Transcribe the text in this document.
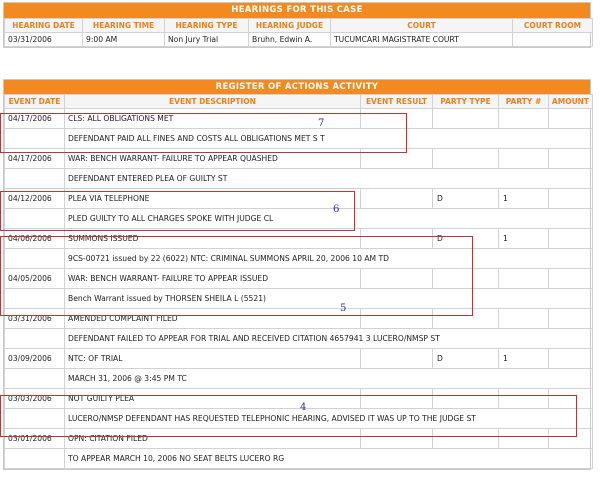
HEARINGS FOR THIS CASE
HEARING DATE	HEARING TIME	HEARING TYPE	HEARING JUDGE	COURT	COURT ROOM
03/31/2006	9:00 AM	Non Jury Trial	Bruhn, Edwin A.	TUCUMCARI MAGISTRATE COURT	
REGISTER OF ACTIONS ACTIVITY
EVENT DATE	EVENT DESCRIPTION	EVENT RESULT	PARTY TYPE	PARTY #	AMOUNT
04/17/2006	CLS: ALL OBLIGATIONS MET				
	DEFENDANT PAID ALL FINES AND COSTS ALL OBLIGATIONS MET S T				
04/17/2006	WAR: BENCH WARRANT- FAILURE TO APPEAR QUASHED				
	DEFENDANT ENTERED PLEA OF GUILTY ST				
04/12/2006	PLEA VIA TELEPHONE		D	1	
	PLED GUILTY TO ALL CHARGES SPOKE WITH JUDGE CL				
04/06/2006	SUMMONS ISSUED		D	1	
	9CS-00721 issued by 22 (6022) NTC: CRIMINAL SUMMONS APRIL 20, 2006 10 AM TD				
04/05/2006	WAR: BENCH WARRANT- FAILURE TO APPEAR ISSUED				
	Bench Warrant issued by THORSEN SHEILA L (5521)				
03/31/2006	AMENDED COMPLAINT FILED				
	DEFENDANT FAILED TO APPEAR FOR TRIAL AND RECEIVED CITATION 4657941 3 LUCERO/NMSP ST				
03/09/2006	NTC: OF TRIAL		D	1	
	MARCH 31, 2006 @ 3:45 PM TC				
03/03/2006	NOT GUILTY PLEA				
	LUCERO/NMSP DEFENDANT HAS REQUESTED TELEPHONIC HEARING, ADVISED IT WAS UP TO THE JUDGE ST				
03/01/2006	OPN: CITATION FILED				
	TO APPEAR MARCH 10, 2006 NO SEAT BELTS LUCERO RG				
7
6
5
4
